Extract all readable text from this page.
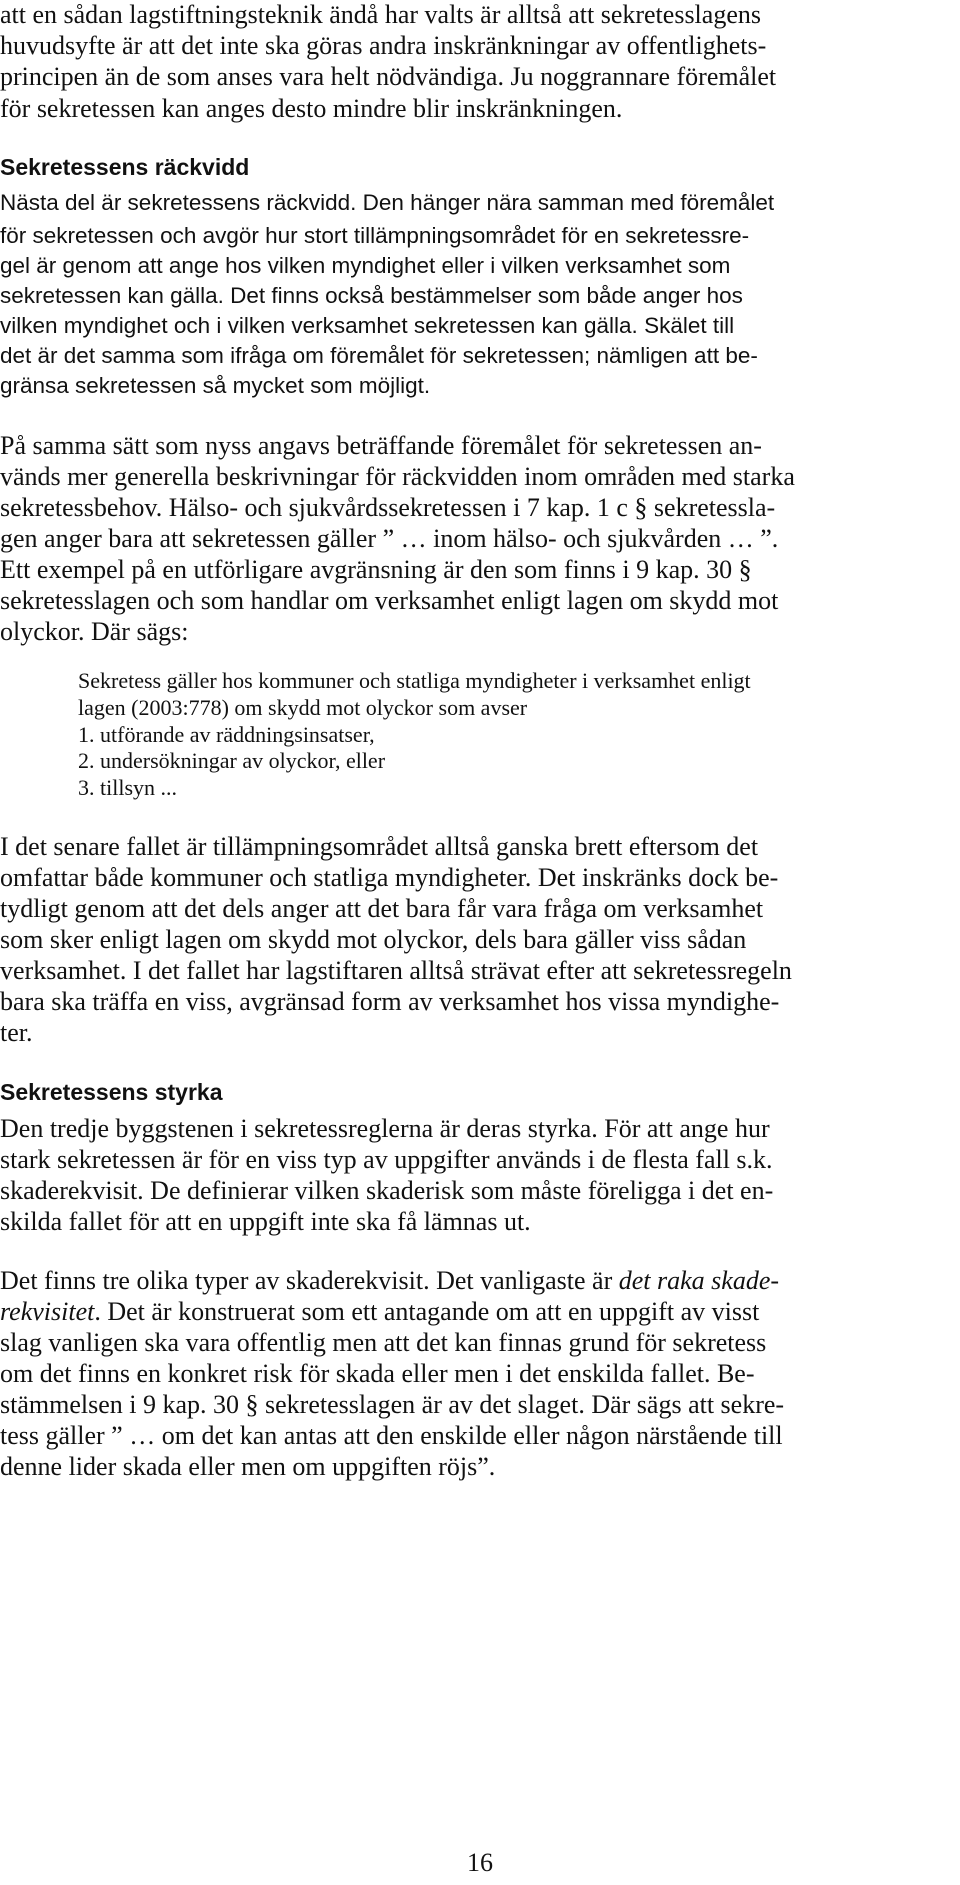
att en sådan lagstiftningsteknik ändå har valts är alltså att sekretesslagens
huvudsyfte är att det inte ska göras andra inskränkningar av offentlighets-
principen än de som anses vara helt nödvändiga. Ju noggrannare föremålet
för sekretessen kan anges desto mindre blir inskränkningen.
Sekretessens räckvidd
Nästa del är sekretessens räckvidd. Den hänger nära samman med föremålet
för sekretessen och avgör hur stort tillämpningsområdet för en sekretessre-
gel är genom att ange hos vilken myndighet eller i vilken verksamhet som
sekretessen kan gälla. Det finns också bestämmelser som både anger hos
vilken myndighet och i vilken verksamhet sekretessen kan gälla. Skälet till
det är det samma som ifråga om föremålet för sekretessen; nämligen att be-
gränsa sekretessen så mycket som möjligt.
På samma sätt som nyss angavs beträffande föremålet för sekretessen an-
vänds mer generella beskrivningar för räckvidden inom områden med starka
sekretessbehov. Hälso- och sjukvårdssekretessen i 7 kap. 1 c § sekretessla-
gen anger bara att sekretessen gäller ” … inom hälso- och sjukvården … ”.
Ett exempel på en utförligare avgränsning är den som finns i 9 kap. 30 §
sekretesslagen och som handlar om verksamhet enligt lagen om skydd mot
olyckor. Där sägs:
Sekretess gäller hos kommuner och statliga myndigheter i verksamhet enligt
lagen (2003:778) om skydd mot olyckor som avser
1. utförande av räddningsinsatser,
2. undersökningar av olyckor, eller
3. tillsyn ...
I det senare fallet är tillämpningsområdet alltså ganska brett eftersom det
omfattar både kommuner och statliga myndigheter. Det inskränks dock be-
tydligt genom att det dels anger att det bara får vara fråga om verksamhet
som sker enligt lagen om skydd mot olyckor, dels bara gäller viss sådan
verksamhet. I det fallet har lagstiftaren alltså strävat efter att sekretessregeln
bara ska träffa en viss, avgränsad form av verksamhet hos vissa myndighe-
ter.
Sekretessens styrka
Den tredje byggstenen i sekretessreglerna är deras styrka. För att ange hur
stark sekretessen är för en viss typ av uppgifter används i de flesta fall s.k.
skaderekvisit. De definierar vilken skaderisk som måste föreligga i det en-
skilda fallet för att en uppgift inte ska få lämnas ut.
Det finns tre olika typer av skaderekvisit. Det vanligaste är det raka skade-
rekvisitet. Det är konstruerat som ett antagande om att en uppgift av visst
slag vanligen ska vara offentlig men att det kan finnas grund för sekretess
om det finns en konkret risk för skada eller men i det enskilda fallet. Be-
stämmelsen i 9 kap. 30 § sekretesslagen är av det slaget. Där sägs att sekre-
tess gäller ” … om det kan antas att den enskilde eller någon närstående till
denne lider skada eller men om uppgiften röjs”.
16
